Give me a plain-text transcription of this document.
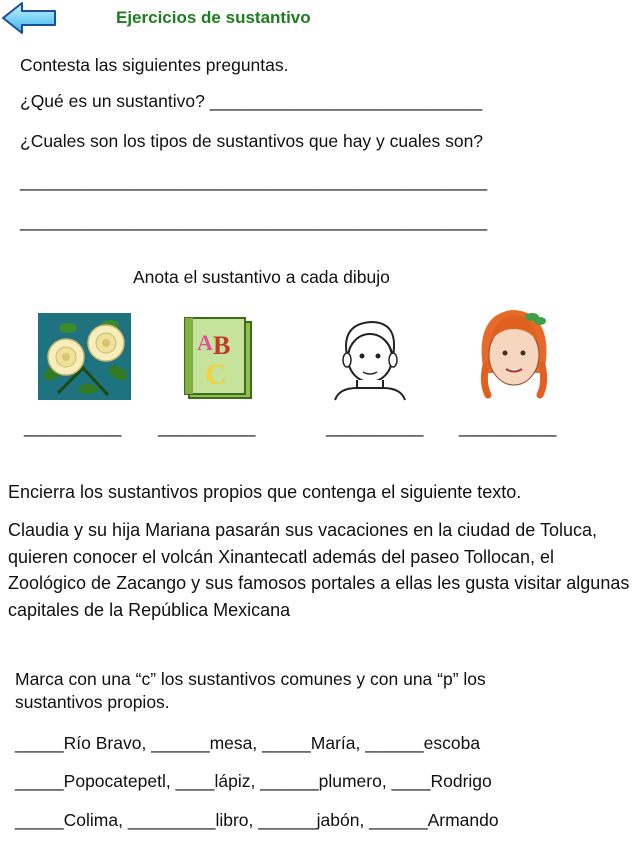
Ejercicios de sustantivo
Contesta las siguientes preguntas.
¿Qué es un sustantivo? ____________________________
¿Cuales son los tipos de sustantivos que hay y cuales son?
________________________________________________
________________________________________________
Anota el sustantivo a cada dibujo
A B
C
__________ __________	__________ __________
Encierra los sustantivos propios que contenga el siguiente texto.
Claudia y su hija Mariana pasarán sus vacaciones en la ciudad de Toluca, quieren conocer el volcán Xinantecatl además del paseo Tollocan, el Zoológico de Zacango y sus famosos portales a ellas les gusta visitar algunas capitales de la República Mexicana
Marca con una “c” los sustantivos comunes y con una “p” los
sustantivos propios.
_____Río Bravo, ______mesa, _____María, ______escoba
_____Popocatepetl, ____lápiz, ______plumero, ____Rodrigo
_____Colima, _________libro, ______jabón, ______Armando
